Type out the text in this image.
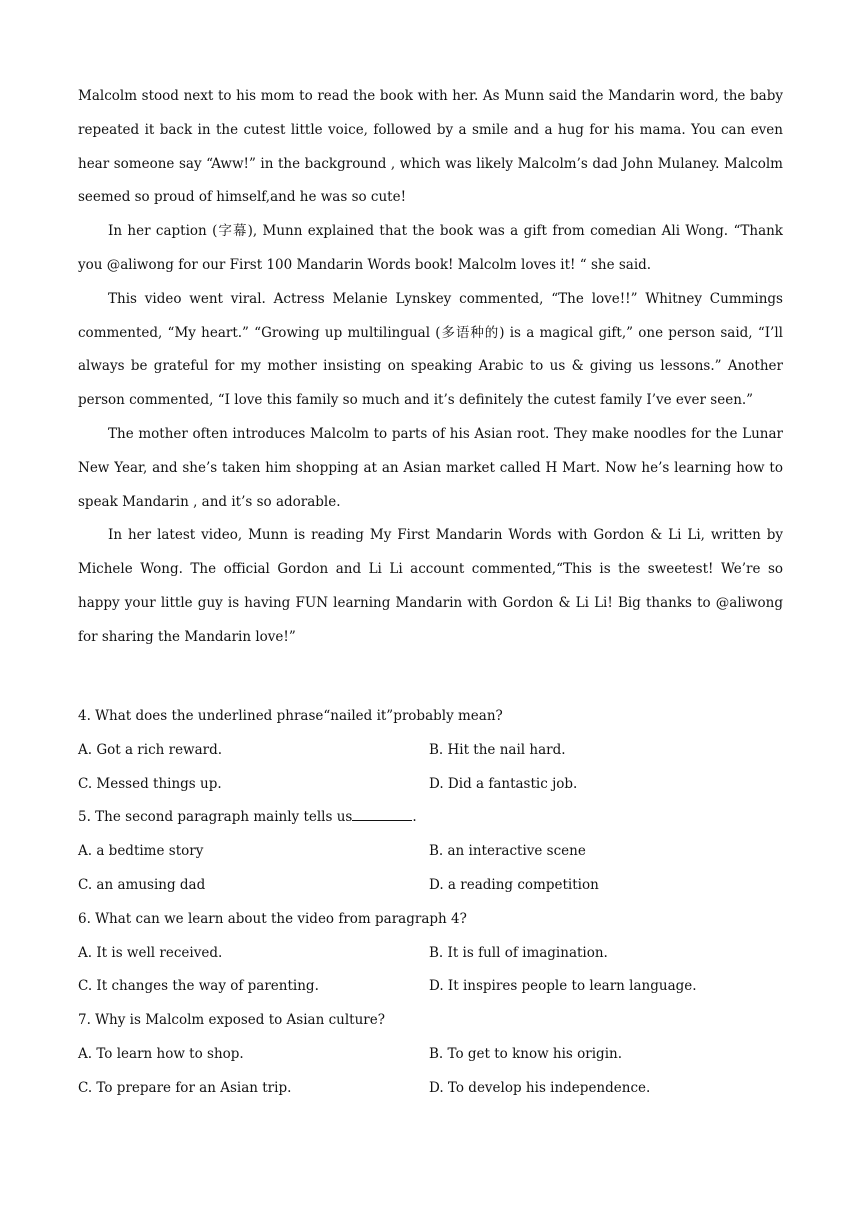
Malcolm stood next to his mom to read the book with her. As Munn said the Mandarin word, the baby repeated it back in the cutest little voice, followed by a smile and a hug for his mama. You can even hear someone say “Aww!” in the background , which was likely Malcolm’s dad John Mulaney. Malcolm seemed so proud of himself,and he was so cute!

In her caption (字幕), Munn explained that the book was a gift from comedian Ali Wong. “Thank you @aliwong for our First 100 Mandarin Words book! Malcolm loves it! “ she said.

This video went viral. Actress Melanie Lynskey commented, “The love!!” Whitney Cummings commented, “My heart.” “Growing up multilingual (多语种的) is a magical gift,” one person said, “I’ll always be grateful for my mother insisting on speaking Arabic to us & giving us lessons.” Another person commented, “I love this family so much and it’s definitely the cutest family I’ve ever seen.”

The mother often introduces Malcolm to parts of his Asian root. They make noodles for the Lunar New Year, and she’s taken him shopping at an Asian market called H Mart. Now he’s learning how to speak Mandarin , and it’s so adorable.

In her latest video, Munn is reading My First Mandarin Words with Gordon & Li Li, written by Michele Wong. The official Gordon and Li Li account commented,“This is the sweetest! We’re so happy your little guy is having FUN learning Mandarin with Gordon & Li Li! Big thanks to @aliwong for sharing the Mandarin love!”

4. What does the underlined phrase“nailed it”probably mean?
A. Got a rich reward.	B. Hit the nail hard.
C. Messed things up.	D. Did a fantastic job.
5. The second paragraph mainly tells us	.
A. a bedtime story	B. an interactive scene
C. an amusing dad	D. a reading competition
6. What can we learn about the video from paragraph 4?
A. It is well received.	B. It is full of imagination.
C. It changes the way of parenting.	D. It inspires people to learn language.
7. Why is Malcolm exposed to Asian culture?
A. To learn how to shop.	B. To get to know his origin.
C. To prepare for an Asian trip.	D. To develop his independence.
